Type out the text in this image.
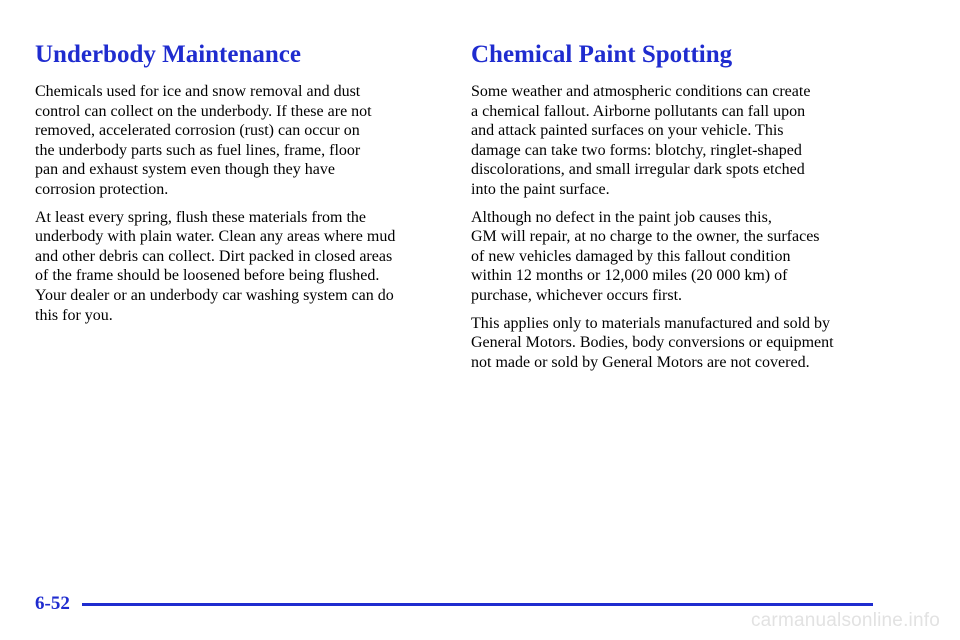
Underbody Maintenance

Chemicals used for ice and snow removal and dust
control can collect on the underbody. If these are not
removed, accelerated corrosion (rust) can occur on
the underbody parts such as fuel lines, frame, floor
pan and exhaust system even though they have
corrosion protection.

At least every spring, flush these materials from the
underbody with plain water. Clean any areas where mud
and other debris can collect. Dirt packed in closed areas
of the frame should be loosened before being flushed.
Your dealer or an underbody car washing system can do
this for you.

Chemical Paint Spotting

Some weather and atmospheric conditions can create
a chemical fallout. Airborne pollutants can fall upon
and attack painted surfaces on your vehicle. This
damage can take two forms: blotchy, ringlet-shaped
discolorations, and small irregular dark spots etched
into the paint surface.

Although no defect in the paint job causes this,
GM will repair, at no charge to the owner, the surfaces
of new vehicles damaged by this fallout condition
within 12 months or 12,000 miles (20 000 km) of
purchase, whichever occurs first.

This applies only to materials manufactured and sold by
General Motors. Bodies, body conversions or equipment
not made or sold by General Motors are not covered.

6-52
carmanualsonline.info
